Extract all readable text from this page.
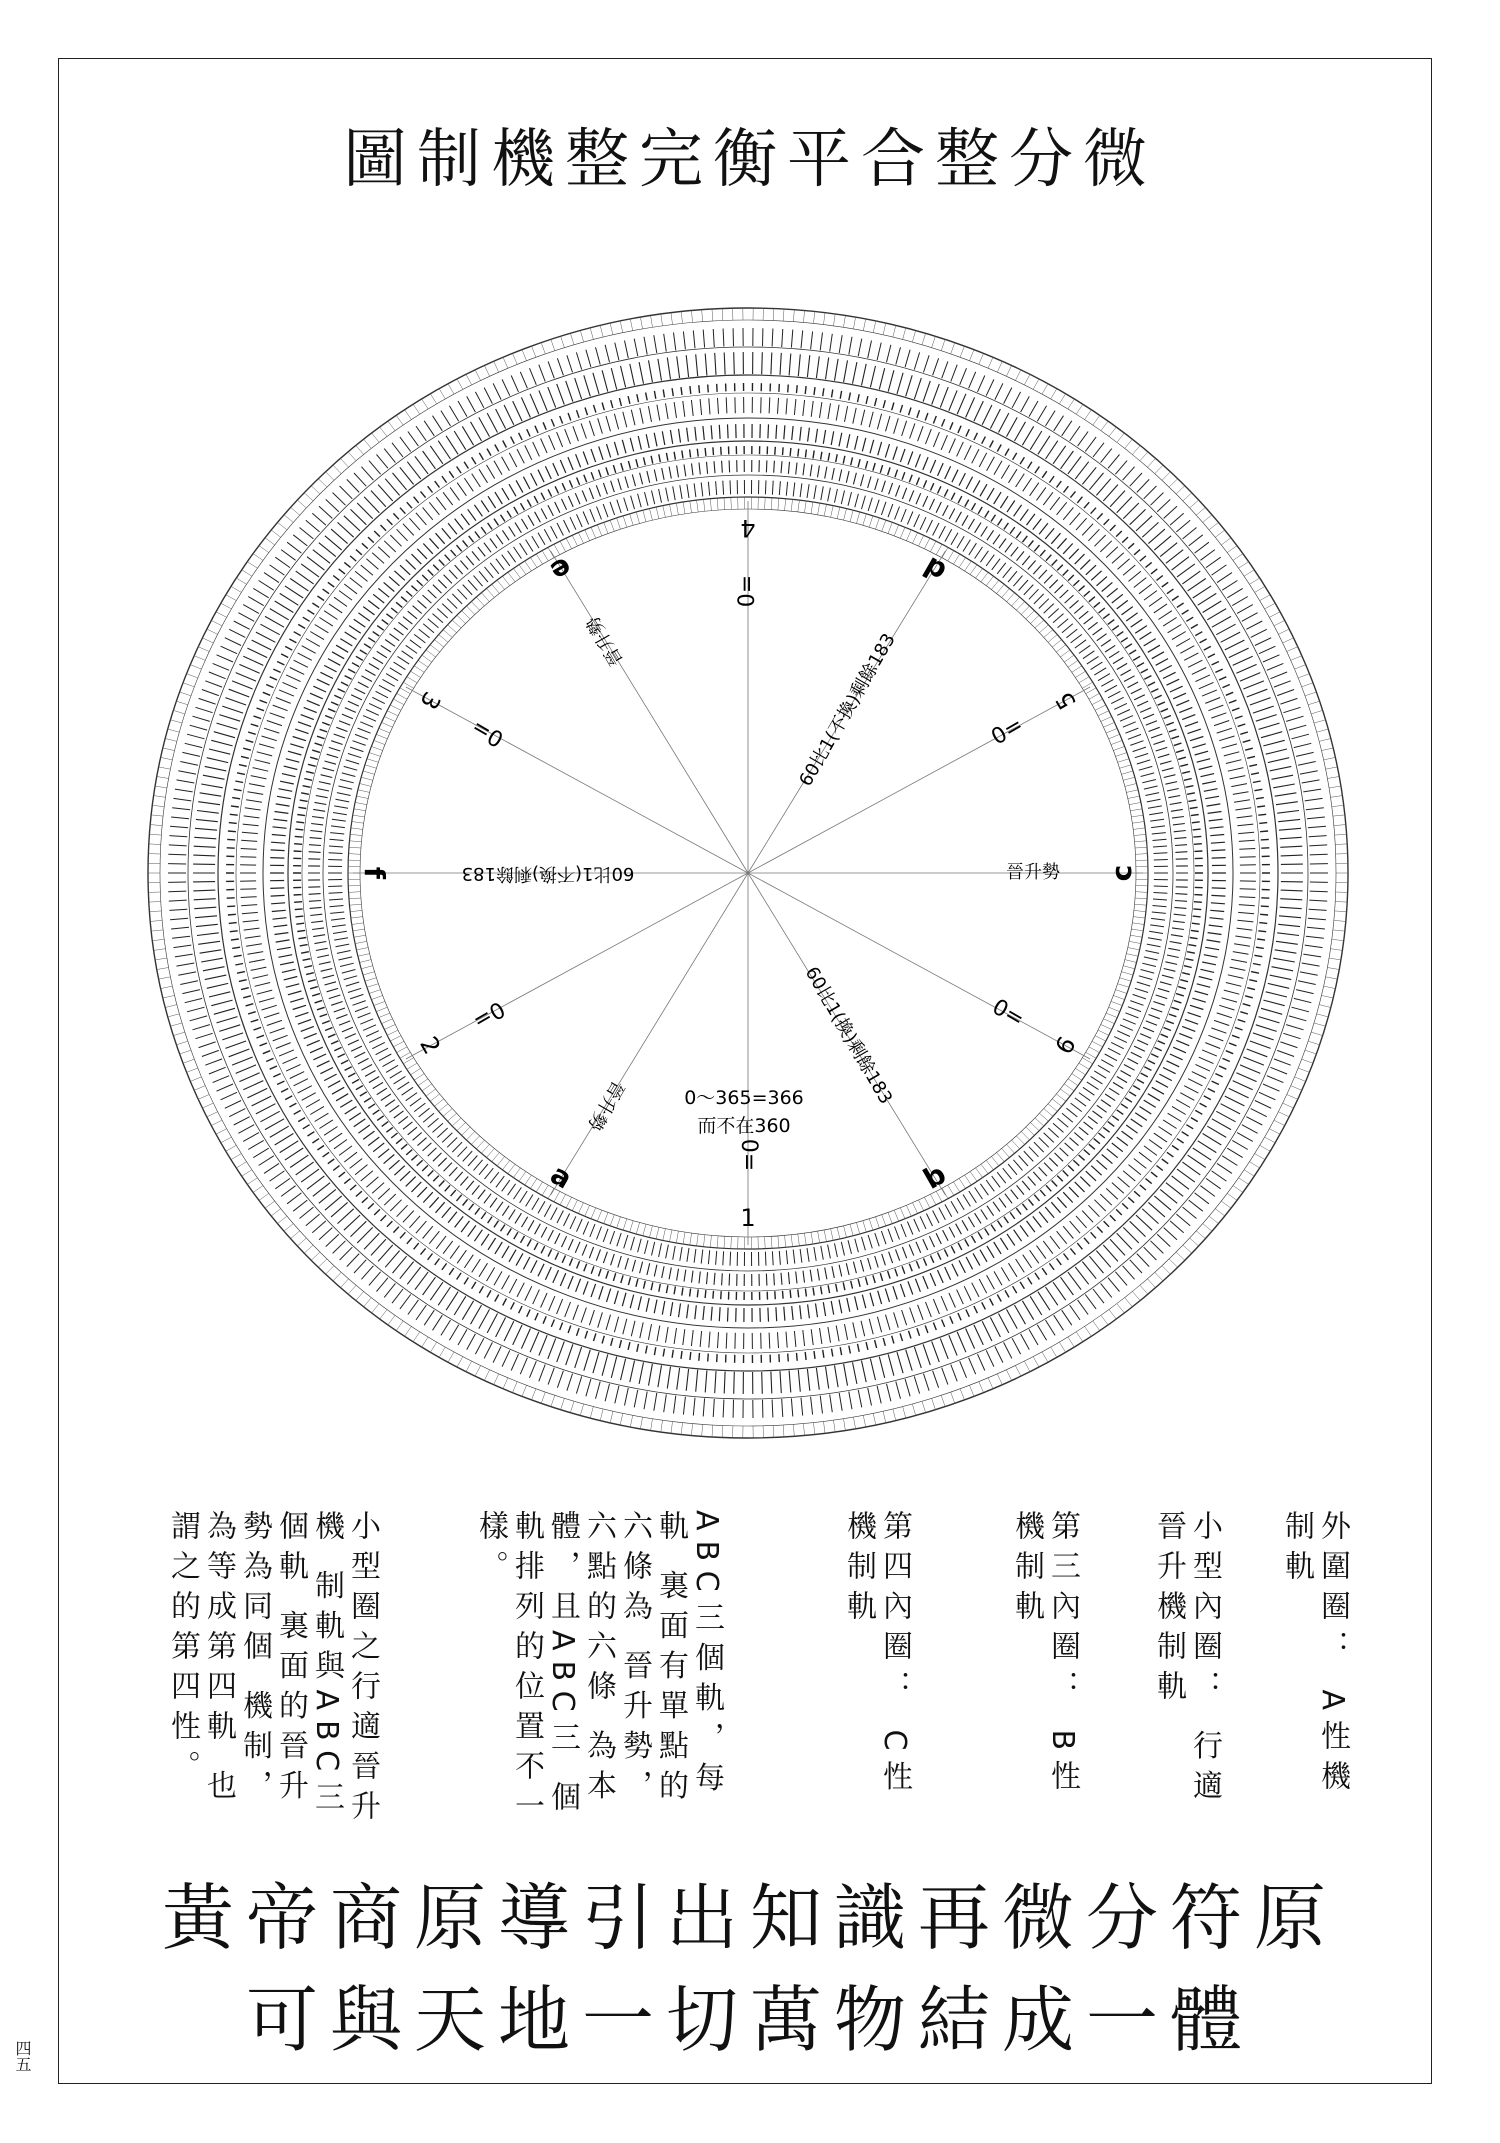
圖制機整完衡平合整分微
1
0=
a
晉升勢
2
0=
f	60比1(不換)剩餘183
3
0=
e
晉升勢
4
0=
d
60比1(不換)剩餘183	5
0=
c
晉升勢
6
0=
b
60比1(換)剩餘183
0～365=366
而不在360
外圍圈： A性機制軌
小型內圈： 行適晉升機制軌
第三內圈： B性機制軌
第四內圈： C性機制軌
ABC三個軌，每軌 裏面有單點的六條為 晉升勢，六點的六條 為本體，且ABC三 個軌排列的位置不一 樣。
小型圈之行適晉升機 制軌與ABC三個軌 裏面的晉升勢為同個 機制，為等成第四軌 也謂之的第四性。
黃帝商原導引出知識再微分符原
可與天地一切萬物結成一體
四五
